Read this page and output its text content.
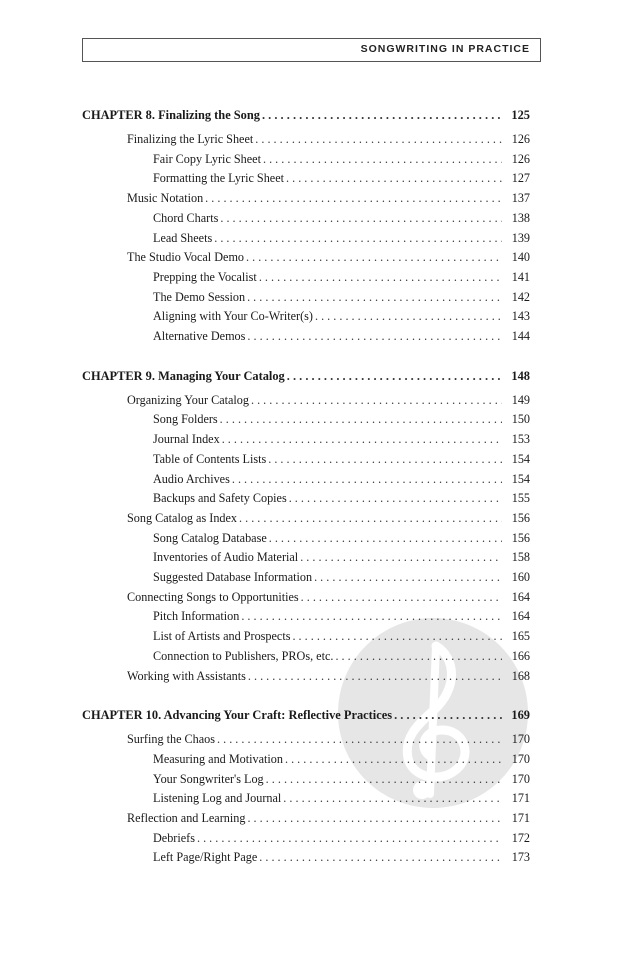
SONGWRITING IN PRACTICE
CHAPTER 8. Finalizing the Song . . .	125
Finalizing the Lyric Sheet . . .	126
Fair Copy Lyric Sheet . . .	126
Formatting the Lyric Sheet . . .	127
Music Notation . . .	137
Chord Charts . . .	138
Lead Sheets . . .	139
The Studio Vocal Demo . . .	140
Prepping the Vocalist . . .	141
The Demo Session . . .	142
Aligning with Your Co-Writer(s) . . .	143
Alternative Demos . . .	144
CHAPTER 9. Managing Your Catalog . . .	148
Organizing Your Catalog . . .	149
Song Folders . . .	150
Journal Index . . .	153
Table of Contents Lists . . .	154
Audio Archives . . .	154
Backups and Safety Copies . . .	155
Song Catalog as Index . . .	156
Song Catalog Database . . .	156
Inventories of Audio Material . . .	158
Suggested Database Information . . .	160
Connecting Songs to Opportunities . . .	164
Pitch Information . . .	164
List of Artists and Prospects . . .	165
Connection to Publishers, PROs, etc. . . .	166
Working with Assistants . . .	168
CHAPTER 10. Advancing Your Craft: Reflective Practices . . .	169
Surfing the Chaos . . .	170
Measuring and Motivation . . .	170
Your Songwriter's Log . . .	170
Listening Log and Journal . . .	171
Reflection and Learning . . .	171
Debriefs . . .	172
Left Page/Right Page . . .	173
